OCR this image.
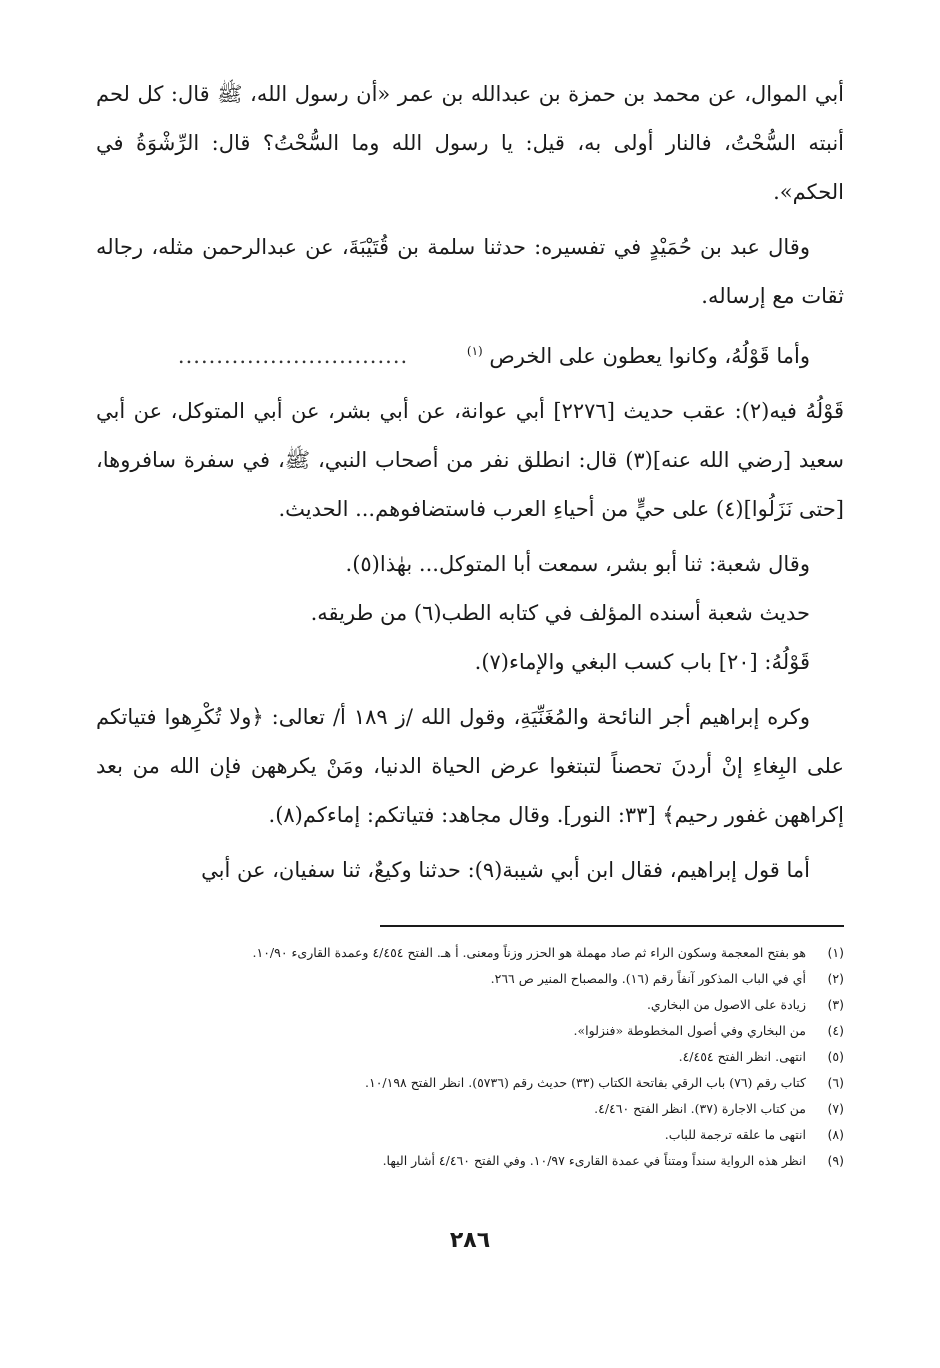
أبي الموال، عن محمد بن حمزة بن عبدالله بن عمر «أن رسول الله، ﷺ قال: كل لحم أنبته السُّحْتُ، فالنار أولى به، قيل: يا رسول الله وما السُّحْتُ؟ قال: الرِّشْوَةُ في الحكم».

وقال عبد بن حُمَيْدٍ في تفسيره: حدثنا سلمة بن قُتَيْبَةَ، عن عبدالرحمن مثله، رجاله ثقات مع إرساله.

وأما قَوْلُهُ، وكانوا يعطون على الخرص $^{(١)}$ ..............................

قَوْلُهُ فيه(٢): عقب حديث [٢٢٧٦] أبي عوانة، عن أبي بشر، عن أبي المتوكل، عن أبي سعيد [رضي الله عنه](٣) قال: انطلق نفر من أصحاب النبي، ﷺ، في سفرة سافروها، [حتى نَزَلُوا](٤) على حيٍّ من أحياءِ العرب فاستضافوهم... الحديث.

وقال شعبة: ثنا أبو بشر، سمعت أبا المتوكل... بهٰذا(٥).

حديث شعبة أسنده المؤلف في كتابه الطب(٦) من طريقه.

قَوْلُهُ: [٢٠] باب كسب البغي والإماء(٧).

وكره إبراهيم أجر النائحة والمُغَنِّيَةِ، وقول الله /ز ١٨٩ أ/ تعالى: ﴿ولا تُكْرِهوا فتياتكم على البِغاءِ إنْ أردنَ تحصناً لتبتغوا عرض الحياة الدنيا، ومَنْ يكرههن فإن الله من بعد إكراههن غفور رحيم﴾ [٣٣: النور]. وقال مجاهد: فتياتكم: إماءكم(٨).

أما قول إبراهيم، فقال ابن أبي شيبة(٩): حدثنا وكيعٌ، ثنا سفيان، عن أبي

(١)
هو بفتح المعجمة وسكون الراء ثم صاد مهملة هو الحزر وزناً ومعنى. أ هـ. الفتح ٤/٤٥٤ وعمدة القارىء ١٠/٩٠.
(٢)
أي في الباب المذكور آنفاً رقم (١٦). والمصباح المنير ص ٢٦٦.
(٣)
زيادة على الاصول من البخاري.
(٤)
من البخاري وفي أصول المخطوطة «فنزلوا».
(٥)
انتهى. انظر الفتح ٤/٤٥٤.
(٦)
كتاب رقم (٧٦) باب الرقي بفاتحة الكتاب (٣٣) حديث رقم (٥٧٣٦). انظر الفتح ١٠/١٩٨.
(٧)
من كتاب الاجارة (٣٧). انظر الفتح ٤/٤٦٠.
(٨)
انتهى ما علقه ترجمة للباب.
(٩)
انظر هذه الرواية سنداً ومتناً في عمدة القارىء ١٠/٩٧. وفي الفتح ٤/٤٦٠ أشار اليها.
٢٨٦
